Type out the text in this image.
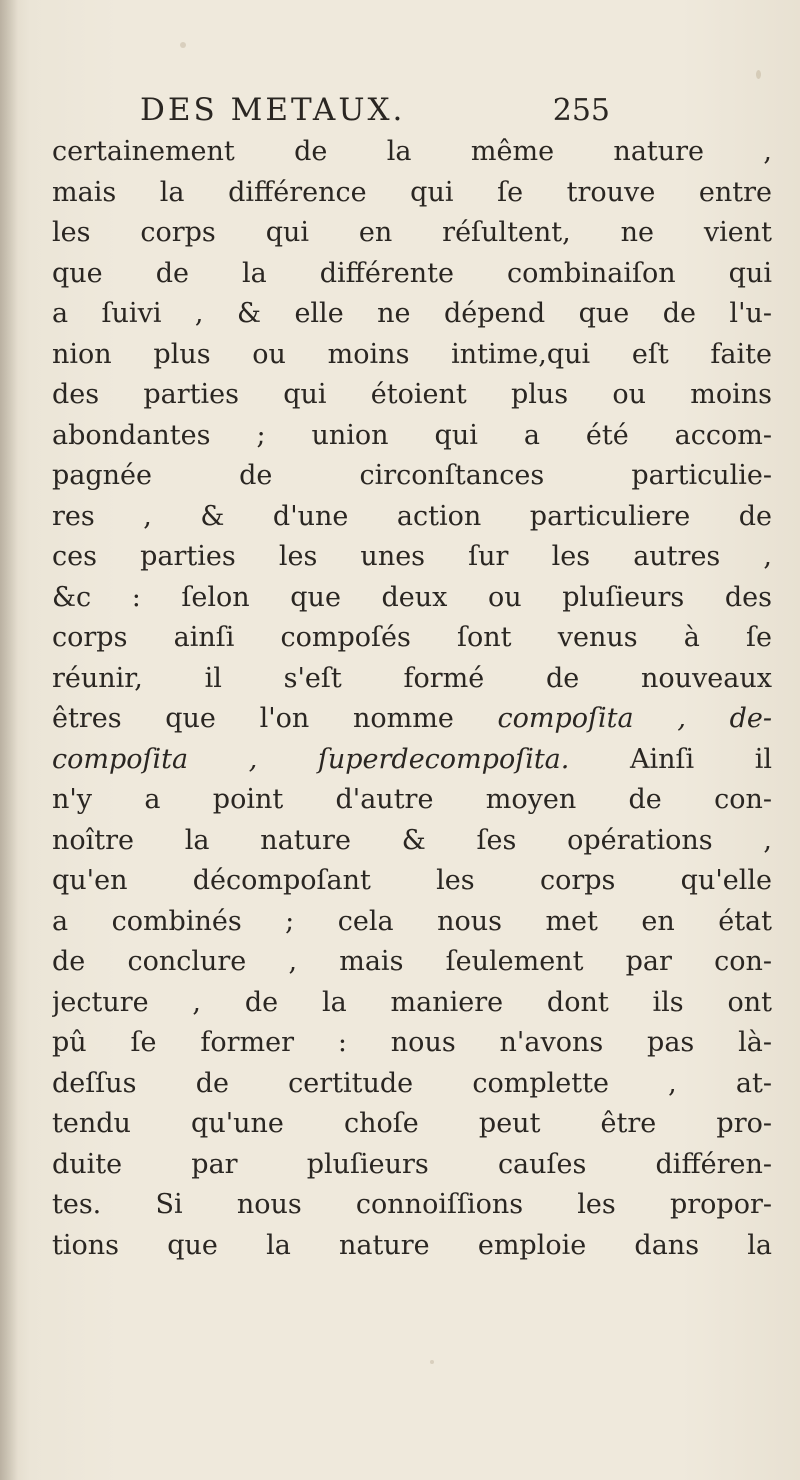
DES METAUX.	255
certainement de la même nature ,
mais la différence qui ſe trouve entre
les corps qui en réſultent, ne vient
que de la différente combinaiſon qui
a ſuivi , & elle ne dépend que de l'u-
nion plus ou moins intime,qui eſt faite
des parties qui étoient plus ou moins
abondantes ; union qui a été accom-
pagnée de circonſtances particulie-
res , & d'une action particuliere de
ces parties les unes ſur les autres ,
&c : ſelon que deux ou pluſieurs des
corps ainſi compoſés ſont venus à ſe
réunir, il s'eſt formé de nouveaux
êtres que l'on nomme compoſita , de-
compoſita , ſuperdecompoſita. Ainſi il
n'y a point d'autre moyen de con-
noître la nature & ſes opérations ,
qu'en décompoſant les corps qu'elle
a combinés ; cela nous met en état
de conclure , mais ſeulement par con-
jecture , de la maniere dont ils ont
pû ſe former : nous n'avons pas là-
deſſus de certitude complette , at-
tendu qu'une choſe peut être pro-
duite par pluſieurs cauſes différen-
tes. Si nous connoiſſions les propor-
tions que la nature emploie dans la
